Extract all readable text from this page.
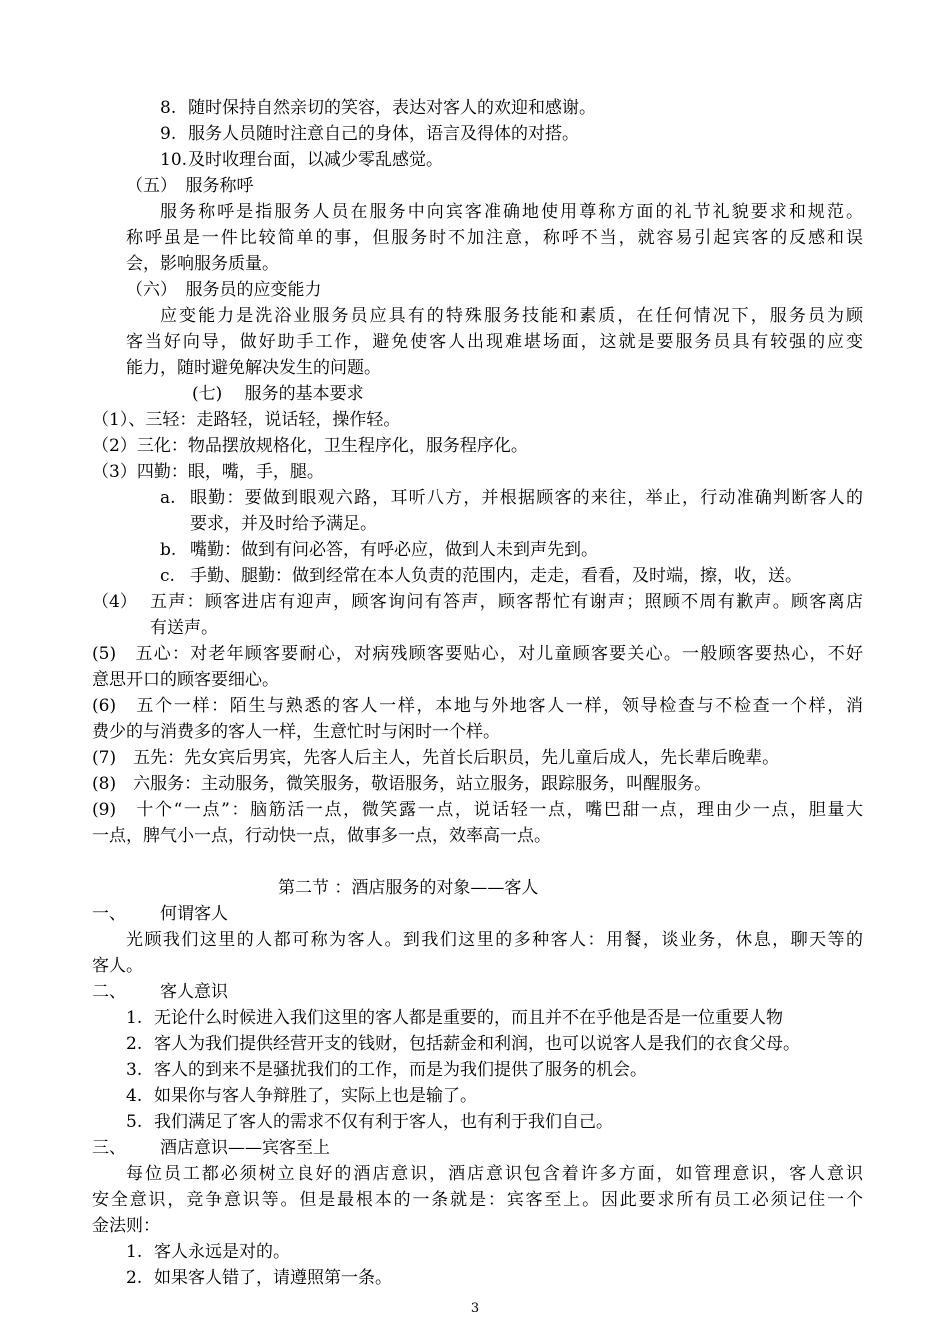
8. 随时保持自然亲切的笑容，表达对客人的欢迎和感谢。
9. 服务人员随时注意自己的身体，语言及得体的对搭。
10.及时收理台面，以减少零乱感觉。
（五）　服务称呼
服务称呼是指服务人员在服务中向宾客准确地使用尊称方面的礼节礼貌要求和规范。
称呼虽是一件比较简单的事，但服务时不加注意，称呼不当，就容易引起宾客的反感和误
会，影响服务质量。
（六）　服务员的应变能力
应变能力是洗浴业服务员应具有的特殊服务技能和素质，在任何情况下，服务员为顾
客当好向导，做好助手工作，避免使客人出现难堪场面，这就是要服务员具有较强的应变
能力，随时避免解决发生的问题。
(七)　 服务的基本要求
（1）、三轻：走路轻，说话轻，操作轻。
（2）三化：物品摆放规格化，卫生程序化，服务程序化。
（3）四勤：眼，嘴，手，腿。
a. 眼勤：要做到眼观六路，耳听八方，并根据顾客的来往，举止，行动准确判断客人的
要求，并及时给予满足。
b. 嘴勤：做到有问必答，有呼必应，做到人未到声先到。
c. 手勤、腿勤：做到经常在本人负责的范围内，走走，看看，及时端，擦，收，送。
（4） 五声：顾客进店有迎声，顾客询问有答声，顾客帮忙有谢声；照顾不周有歉声。顾客离店
有送声。
(5)　五心：对老年顾客要耐心，对病残顾客要贴心，对儿童顾客要关心。一般顾客要热心，不好
意思开口的顾客要细心。
(6)　五个一样：陌生与熟悉的客人一样，本地与外地客人一样，领导检查与不检查一个样，消
费少的与消费多的客人一样，生意忙时与闲时一个样。
(7)　五先：先女宾后男宾，先客人后主人，先首长后职员，先儿童后成人，先长辈后晚辈。
(8)　六服务：主动服务，微笑服务，敬语服务，站立服务，跟踪服务，叫醒服务。
(9)　十个“一点”：脑筋活一点，微笑露一点，说话轻一点，嘴巴甜一点，理由少一点，胆量大
一点，脾气小一点，行动快一点，做事多一点，效率高一点。
第二节 ：酒店服务的对象——客人
一、 何谓客人
光顾我们这里的人都可称为客人。到我们这里的多种客人：用餐，谈业务，休息，聊天等的
客人。
二、 客人意识
1. 无论什么时候进入我们这里的客人都是重要的，而且并不在乎他是否是一位重要人物
2. 客人为我们提供经营开支的钱财，包括薪金和利润，也可以说客人是我们的衣食父母。
3. 客人的到来不是骚扰我们的工作，而是为我们提供了服务的机会。
4. 如果你与客人争辩胜了，实际上也是输了。
5. 我们满足了客人的需求不仅有利于客人，也有利于我们自己。
三、 酒店意识——宾客至上
每位员工都必须树立良好的酒店意识，酒店意识包含着许多方面，如管理意识，客人意识
安全意识，竞争意识等。但是最根本的一条就是：宾客至上。因此要求所有员工必须记住一个
金法则：
1. 客人永远是对的。
2. 如果客人错了，请遵照第一条。
3
